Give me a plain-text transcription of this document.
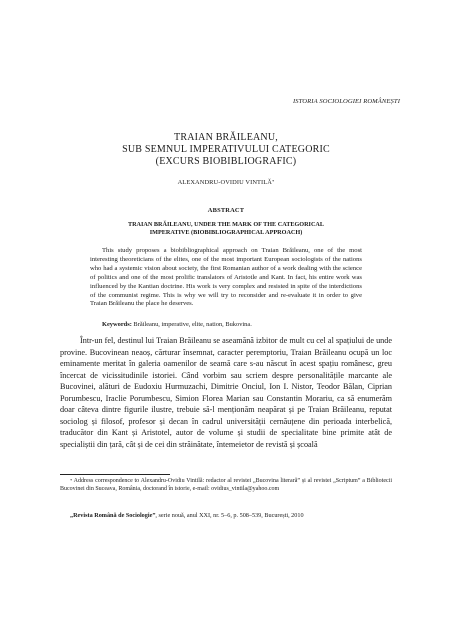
ISTORIA SOCIOLOGIEI ROMÂNEȘTI
TRAIAN BRĂILEANU,
SUB SEMNUL IMPERATIVULUI CATEGORIC
(EXCURS BIOBIBLIOGRAFIC)
ALEXANDRU-OVIDIU VINTILĂ*
ABSTRACT
TRAIAN BRĂILEANU, UNDER THE MARK OF THE CATEGORICAL
IMPERATIVE (BIOBIBLIOGRAPHICAL APPROACH)

This study proposes a biobibliographical approach on Traian Brăileanu, one of the most interesting theoreticians of the elites, one of the most important European sociologists of the nations who had a systemic vision about society, the first Romanian author of a work dealing with the science of politics and one of the most prolific translators of Aristotle and Kant. In fact, his entire work was influenced by the Kantian doctrine. His work is very complex and resisted in spite of the interdictions of the communist regime. This is why we will try to reconsider and re-evaluate it in order to give Traian Brăileanu the place he deserves.

Keywords: Brăileanu, imperative, elite, nation, Bukovina.

Într-un fel, destinul lui Traian Brăileanu se aseamănă izbitor de mult cu cel al spațiului de unde provine. Bucovinean neaoș, cărturar însemnat, caracter peremptoriu, Traian Brăileanu ocupă un loc eminamente meritat în galeria oamenilor de seamă care s-au născut în acest spațiu românesc, greu încercat de vicissitudinile istoriei. Când vorbim sau scriem despre personalitățile marcante ale Bucovinei, alături de Eudoxiu Hurmuzachi, Dimitrie Onciul, Ion I. Nistor, Teodor Bălan, Ciprian Porumbescu, Iraclie Porumbescu, Simion Florea Marian sau Constantin Morariu, ca să enumerăm doar câteva dintre figurile ilustre, trebuie să-l menționăm neapărat și pe Traian Brăileanu, reputat sociolog și filosof, profesor și decan în cadrul universității cernăuțene din perioada interbelică, traducător din Kant și Aristotel, autor de volume și studii de specialitate bine primite atât de specialiștii din țară, cât și de cei din străinătate, întemeietor de revistă și școală

* Address correspondence to Alexandru-Ovidiu Vintilă: redactor al revistei „Bucovina literară” și al revistei „Scriptum” a Bibliotecii Bucovinei din Suceava, România, doctorand în istorie, e-mail: ovidius_vintila@yahoo.com

„Revista Română de Sociologie”, serie nouă, anul XXI, nr. 5–6, p. 508–539, București, 2010
